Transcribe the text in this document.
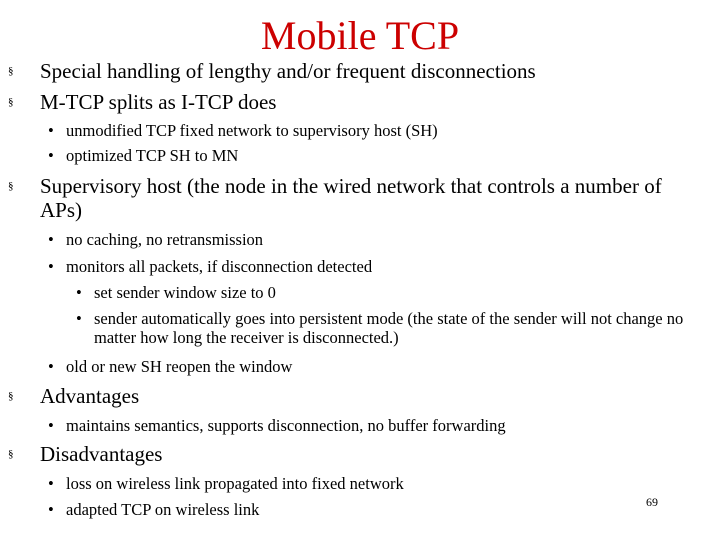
Mobile TCP
§ Special handling of lengthy and/or frequent disconnections
§ M-TCP splits as I-TCP does
• unmodified TCP fixed network to supervisory host (SH)
• optimized TCP SH to MN
§ Supervisory host (the node in the wired network that controls a number of APs)
• no caching, no retransmission
• monitors all packets, if disconnection detected
• set sender window size to 0
• sender automatically goes into persistent mode (the state of the sender will not change no matter how long the receiver is disconnected.)
• old or new SH reopen the window
§ Advantages
• maintains semantics, supports disconnection, no buffer forwarding
§ Disadvantages
• loss on wireless link propagated into fixed network
• adapted TCP on wireless link	69
